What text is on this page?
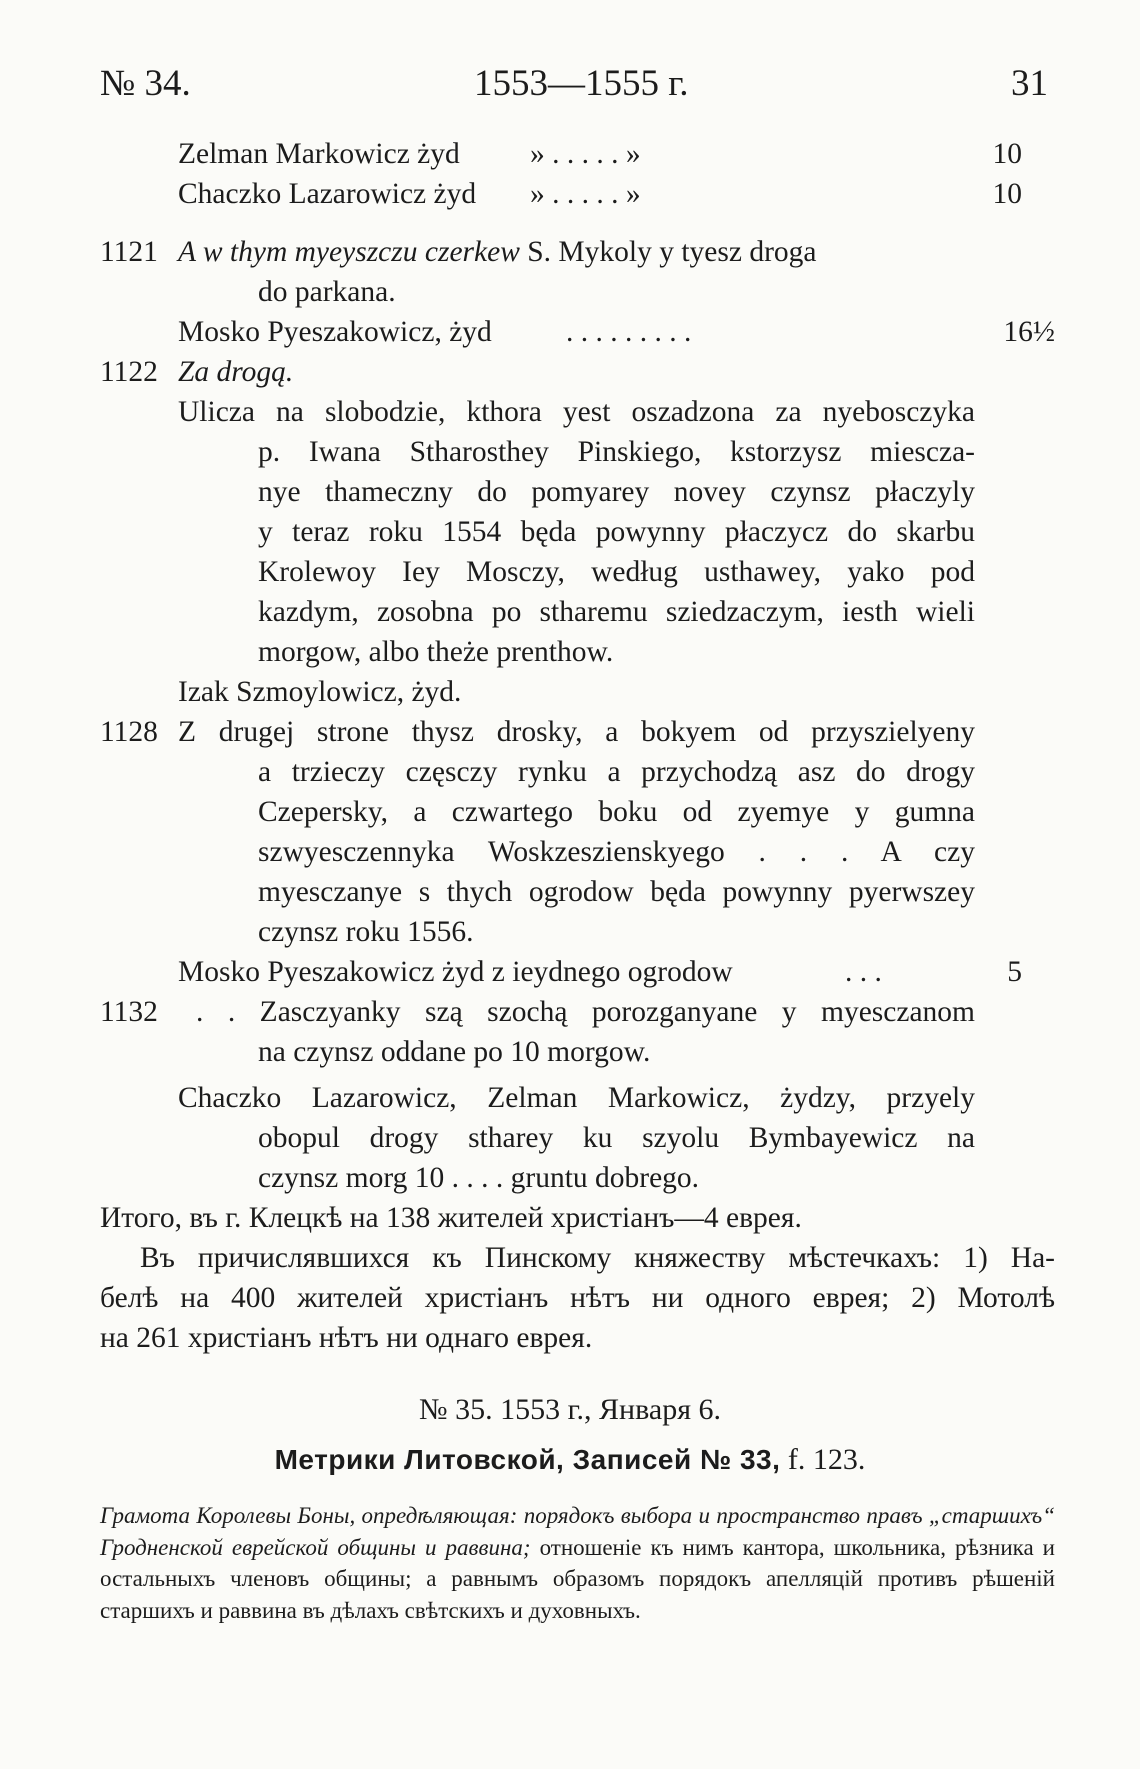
№ 34.	1553—1555 г.	31
Zelman Markowicz żyd » . . . . . »	10
Chaczko Lazarowicz żyd » . . . . . »	10
1121 A w thym myeyszczu czerkew S. Mykoly y tyesz droga
do parkana.
Mosko Pyeszakowicz, żyd	. . . . . . . . .	16½
1122 Za drogą.
Ulicza na slobodzie, kthora yest oszadzona za nyebosczyka
p. Iwana Stharosthey Pinskiego, kstorzysz miescza-
nye thameczny do pomyarey novey czynsz płaczyly
y teraz roku 1554 będa powynny płaczycz do skarbu
Krolewoy Iey Mosczy, według usthawey, yako pod
kazdym, zosobna po stharemu sziedzaczym, iesth wieli
morgow, albo theże prenthow.
Izak Szmoylowicz, żyd.
1128 Z drugej strone thysz drosky, a bokyem od przyszielyeny
a trzieczy częsczy rynku a przychodzą asz do drogy
Czepersky, a czwartego boku od zyemye y gumna
szwyesczennyka Woskzeszienskyego . . . A czy
myesczanye s thych ogrodow będa powynny pyerwszey
czynsz roku 1556.
Mosko Pyeszakowicz żyd z ieydnego ogrodow	. . .	5
1132 . . Zasczyanky szą szochą porozganyane y myesczanom
na czynsz oddane po 10 morgow.
Chaczko Lazarowicz, Zelman Markowicz, żydzy, przyely
obopul drogy stharey ku szyolu Bymbayewicz na
czynsz morg 10 . . . . gruntu dobrego.
Итого, въ г. Клецкѣ на 138 жителей христіанъ—4 еврея.
Въ причислявшихся къ Пинскому княжеству мѣстечкахъ: 1) На-
белѣ на 400 жителей христіанъ нѣтъ ни одного еврея; 2) Мотолѣ
на 261 христіанъ нѣтъ ни однаго еврея.
№ 35. 1553 г., Января 6.
Метрики Литовской, Записей № 33, f. 123.
Грамота Королевы Боны, опредѣляющая: порядокъ выбора и пространство правъ „старшихъ“ Гродненской еврейской общины и раввина; отношеніе къ нимъ кантора, школьника, рѣзника и остальныхъ членовъ общины; а равнымъ образомъ порядокъ апелляцій противъ рѣшеній старшихъ и раввина въ дѣлахъ свѣтскихъ и духовныхъ.
